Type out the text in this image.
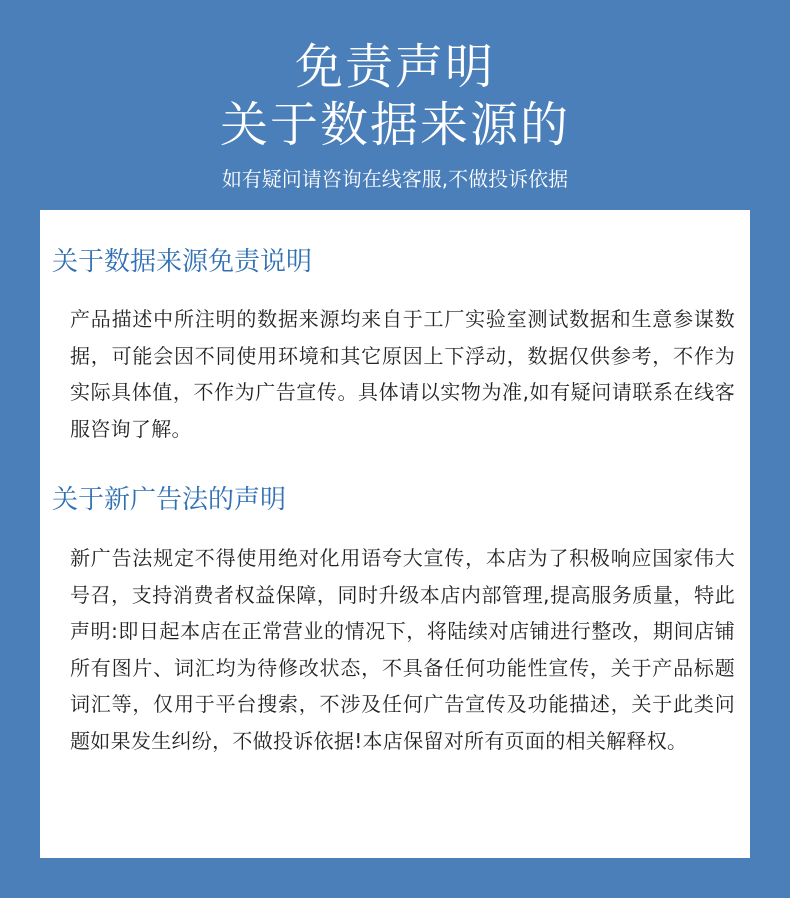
免责声明
关于数据来源的
如有疑问请咨询在线客服,不做投诉依据
关于数据来源免责说明
产品描述中所注明的数据来源均来自于工厂实验室测试数据和生意参谋数据，可能会因不同使用环境和其它原因上下浮动，数据仅供参考，不作为实际具体值，不作为广告宣传。具体请以实物为准,如有疑问请联系在线客服咨询了解。
关于新广告法的声明
新广告法规定不得使用绝对化用语夸大宣传，本店为了积极响应国家伟大号召，支持消费者权益保障，同时升级本店内部管理,提高服务质量，特此声明:即日起本店在正常营业的情况下，将陆续对店铺进行整改，期间店铺所有图片、词汇均为待修改状态，不具备任何功能性宣传，关于产品标题词汇等，仅用于平台搜索，不涉及任何广告宣传及功能描述，关于此类问题如果发生纠纷，不做投诉依据!本店保留对所有页面的相关解释权。
